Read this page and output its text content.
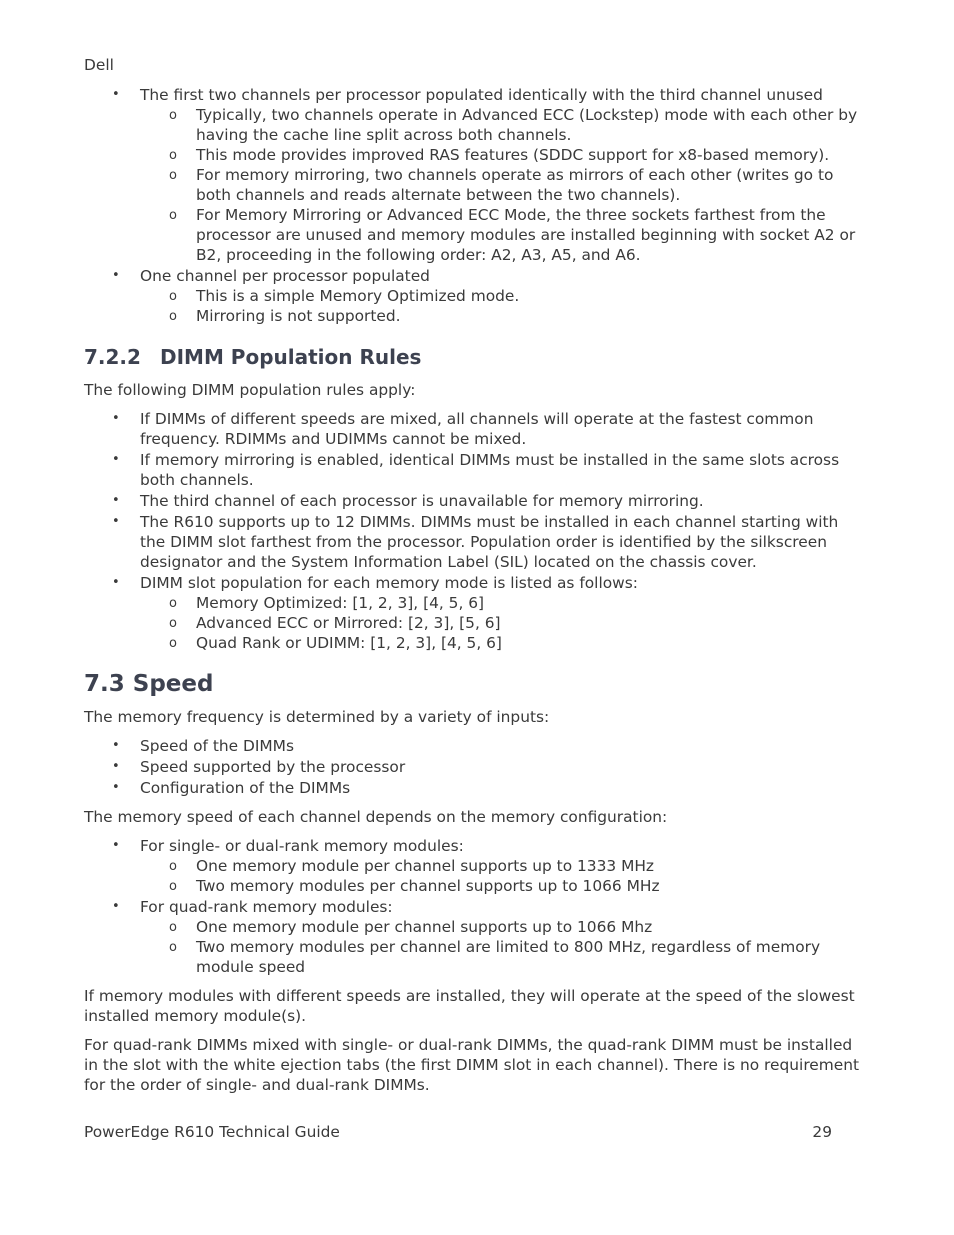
Dell
• The first two channels per processor populated identically with the third channel unused
o Typically, two channels operate in Advanced ECC (Lockstep) mode with each other by having the cache line split across both channels.
o This mode provides improved RAS features (SDDC support for x8-based memory).
o For memory mirroring, two channels operate as mirrors of each other (writes go to both channels and reads alternate between the two channels).
o For Memory Mirroring or Advanced ECC Mode, the three sockets farthest from the processor are unused and memory modules are installed beginning with socket A2 or B2, proceeding in the following order: A2, A3, A5, and A6.
• One channel per processor populated
o This is a simple Memory Optimized mode.
o Mirroring is not supported.
7.2.2 DIMM Population Rules

The following DIMM population rules apply:

• If DIMMs of different speeds are mixed, all channels will operate at the fastest common frequency. RDIMMs and UDIMMs cannot be mixed.
• If memory mirroring is enabled, identical DIMMs must be installed in the same slots across both channels.
• The third channel of each processor is unavailable for memory mirroring.
• The R610 supports up to 12 DIMMs. DIMMs must be installed in each channel starting with the DIMM slot farthest from the processor. Population order is identified by the silkscreen designator and the System Information Label (SIL) located on the chassis cover.
• DIMM slot population for each memory mode is listed as follows:
o Memory Optimized: [1, 2, 3], [4, 5, 6]
o Advanced ECC or Mirrored: [2, 3], [5, 6]
o Quad Rank or UDIMM: [1, 2, 3], [4, 5, 6]
7.3 Speed

The memory frequency is determined by a variety of inputs:

• Speed of the DIMMs
• Speed supported by the processor
• Configuration of the DIMMs

The memory speed of each channel depends on the memory configuration:

• For single- or dual-rank memory modules:
o One memory module per channel supports up to 1333 MHz
o Two memory modules per channel supports up to 1066 MHz
• For quad-rank memory modules:
o One memory module per channel supports up to 1066 Mhz
o Two memory modules per channel are limited to 800 MHz, regardless of memory module speed

If memory modules with different speeds are installed, they will operate at the speed of the slowest installed memory module(s).

For quad-rank DIMMs mixed with single- or dual-rank DIMMs, the quad-rank DIMM must be installed in the slot with the white ejection tabs (the first DIMM slot in each channel). There is no requirement for the order of single- and dual-rank DIMMs.

PowerEdge R610 Technical Guide	29
